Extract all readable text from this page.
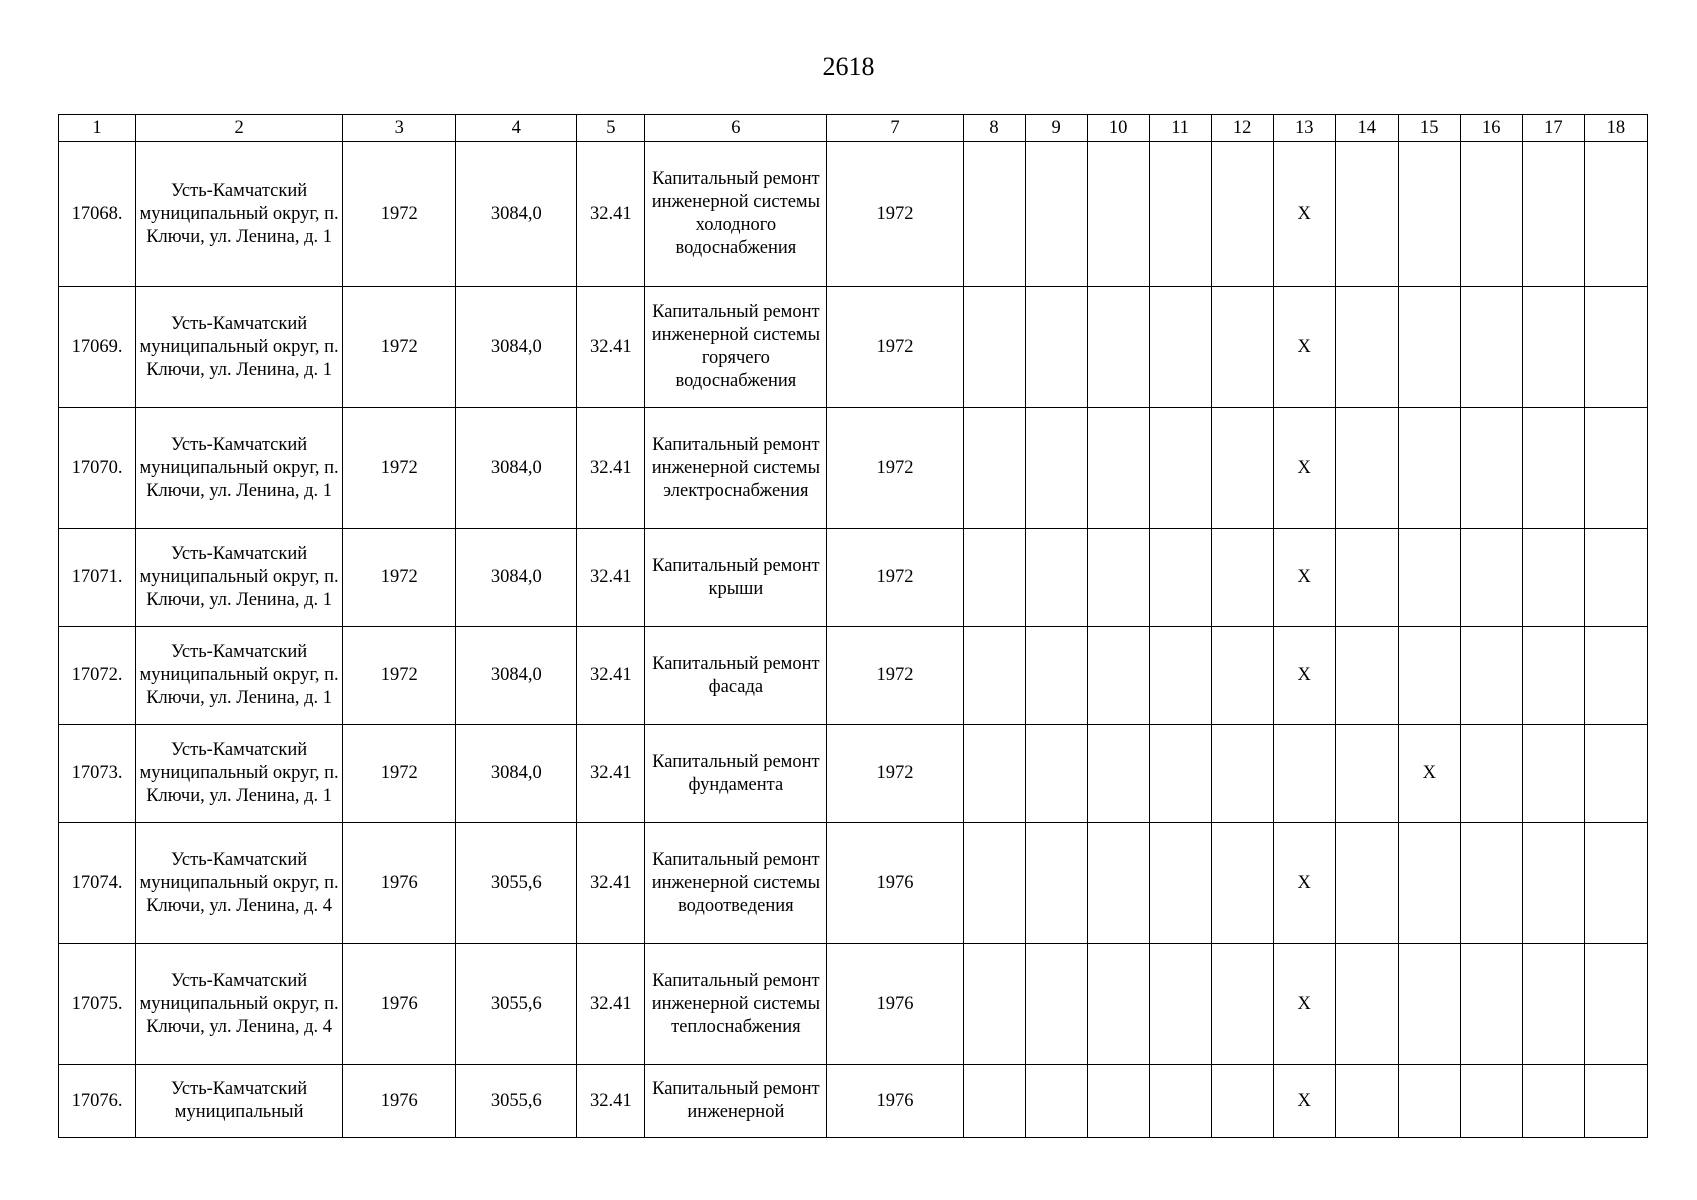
2618
1	2	3	4	5	6	7	8	9	10	11	12	13	14	15	16	17	18
17068.	Усть-Камчатский муниципальный округ, п. Ключи, ул. Ленина, д. 1	1972	3084,0	32.41	Капитальный ремонт инженерной системы холодного водоснабжения	1972						X					
17069.	Усть-Камчатский муниципальный округ, п. Ключи, ул. Ленина, д. 1	1972	3084,0	32.41	Капитальный ремонт инженерной системы горячего водоснабжения	1972						X					
17070.	Усть-Камчатский муниципальный округ, п. Ключи, ул. Ленина, д. 1	1972	3084,0	32.41	Капитальный ремонт инженерной системы электроснабжения	1972						X					
17071.	Усть-Камчатский муниципальный округ, п. Ключи, ул. Ленина, д. 1	1972	3084,0	32.41	Капитальный ремонт крыши	1972						X					
17072.	Усть-Камчатский муниципальный округ, п. Ключи, ул. Ленина, д. 1	1972	3084,0	32.41	Капитальный ремонт фасада	1972						X					
17073.	Усть-Камчатский муниципальный округ, п. Ключи, ул. Ленина, д. 1	1972	3084,0	32.41	Капитальный ремонт фундамента	1972								X			
17074.	Усть-Камчатский муниципальный округ, п. Ключи, ул. Ленина, д. 4	1976	3055,6	32.41	Капитальный ремонт инженерной системы водоотведения	1976						X					
17075.	Усть-Камчатский муниципальный округ, п. Ключи, ул. Ленина, д. 4	1976	3055,6	32.41	Капитальный ремонт инженерной системы теплоснабжения	1976						X					
17076.	Усть-Камчатский муниципальный	1976	3055,6	32.41	Капитальный ремонт инженерной	1976						X					
